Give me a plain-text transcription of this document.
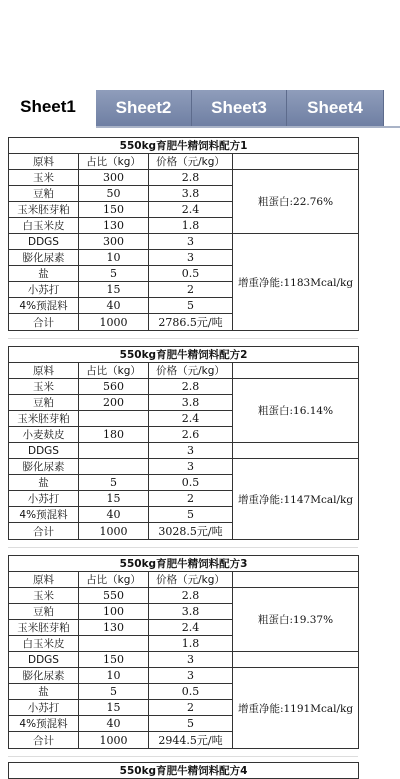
Sheet1	Sheet2	Sheet3	Sheet4
550kg育肥牛精饲料配方1			
原料	占比（kg）	价格（元/kg）	
玉米	300	2.8	粗蛋白:22.76%
豆粕	50	3.8	
玉米胚芽粕	150	2.4	
白玉米皮	130	1.8	
DDGS	300	3	增重净能:1183Mcal/kg
膨化尿素	10	3	
盐	5	0.5	
小苏打	15	2	
4%预混料	40	5	
合计	1000	2786.5元/吨	
550kg育肥牛精饲料配方2			
原料	占比（kg）	价格（元/kg）	
玉米	560	2.8	粗蛋白:16.14%
豆粕	200	3.8	
玉米胚芽粕		2.4	
小麦麸皮	180	2.6	
DDGS		3	
膨化尿素		3	增重净能:1147Mcal/kg
盐	5	0.5	
小苏打	15	2	
4%预混料	40	5	
合计	1000	3028.5元/吨	
550kg育肥牛精饲料配方3			
原料	占比（kg）	价格（元/kg）	
玉米	550	2.8	粗蛋白:19.37%
豆粕	100	3.8	
玉米胚芽粕	130	2.4	
白玉米皮		1.8	
DDGS	150	3	
膨化尿素	10	3	增重净能:1191Mcal/kg
盐	5	0.5	
小苏打	15	2	
4%预混料	40	5	
合计	1000	2944.5元/吨	
550kg育肥牛精饲料配方4
